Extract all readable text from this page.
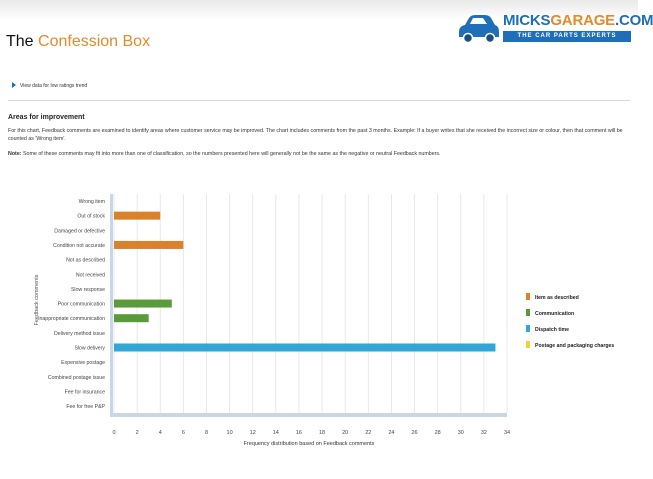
The Confession Box
MICKSGARAGE.COM
THE CAR PARTS EXPERTS
View data for low ratings trend
Areas for improvement
For this chart, Feedback comments are examined to identify areas where customer service may be improved. The chart includes comments from the past 3 months. Example: If a buyer writes that she received the incorrect size or colour, then that comment will be counted as 'Wrong item'.
Note: Some of these comments may fit into more than one of classification, so the numbers presented here will generally not be the same as the negative or neutral Feedback numbers.
Wrong item
Out of stock
Damaged or defective
Condition not accurate
Not as described
Not received
Slow response
Poor communication
Inappropriate communication
Delivery method issue
Slow delivery
Expensive postage
Combined postage issue
Fee for insurance
Fee for free P&P
0	2	4	6	8	10	12	14	16	18	20	22	24	26	28	30	32	34
Frequency distribution based on Feedback comments
Feedback comments	Item as described
Communication
Dispatch time
Postage and packaging charges
